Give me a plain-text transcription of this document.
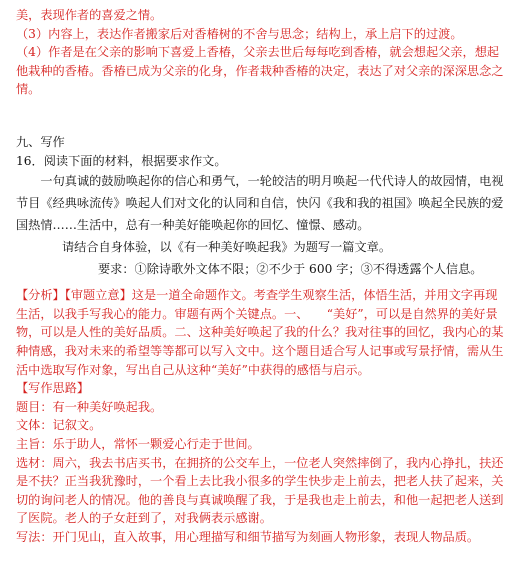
美，表现作者的喜爱之情。

（3）内容上，表达作者搬家后对香椿树的不舍与思念；结构上，承上启下的过渡。

（4）作者是在父亲的影响下喜爱上香椿，父亲去世后每每吃到香椿，就会想起父亲，想起他栽种的香椿。香椿已成为父亲的化身，作者栽种香椿的决定，表达了对父亲的深深思念之情。

九、写作

16．阅读下面的材料，根据要求作文。

一句真诚的鼓励唤起你的信心和勇气，一轮皎洁的明月唤起一代代诗人的故园情，电视节目《经典咏流传》唤起人们对文化的认同和自信，快闪《我和我的祖国》唤起全民族的爱国热情……生活中，总有一种美好能唤起你的回忆、憧憬、感动。

请结合自身体验，以《有一种美好唤起我》为题写一篇文章。

要求：①除诗歌外文体不限；②不少于 600 字；③不得透露个人信息。

【分析】【审题立意】这是一道全命题作文。考查学生观察生活，体悟生活，并用文字再现生活，以我手写我心的能力。审题有两个关键点。一、　　“美好”，可以是自然界的美好景物，可以是人性的美好品质。二、这种美好唤起了我的什么？我对往事的回忆，我内心的某种情感，我对未来的希望等等都可以写入文中。这个题目适合写人记事或写景抒情，需从生活中选取写作对象，写出自己从这种“美好”中获得的感悟与启示。

【写作思路】

题目：有一种美好唤起我。

文体：记叙文。

主旨：乐于助人，常怀一颗爱心行走于世间。

选材：周六，我去书店买书，在拥挤的公交车上，一位老人突然摔倒了，我内心挣扎，扶还是不扶？正当我犹豫时，一个看上去比我小很多的学生快步走上前去，把老人扶了起来，关切的询问老人的情况。他的善良与真诚唤醒了我，于是我也走上前去，和他一起把老人送到了医院。老人的子女赶到了，对我俩表示感谢。

写法：开门见山，直入故事，用心理描写和细节描写为刻画人物形象，表现人物品质。
